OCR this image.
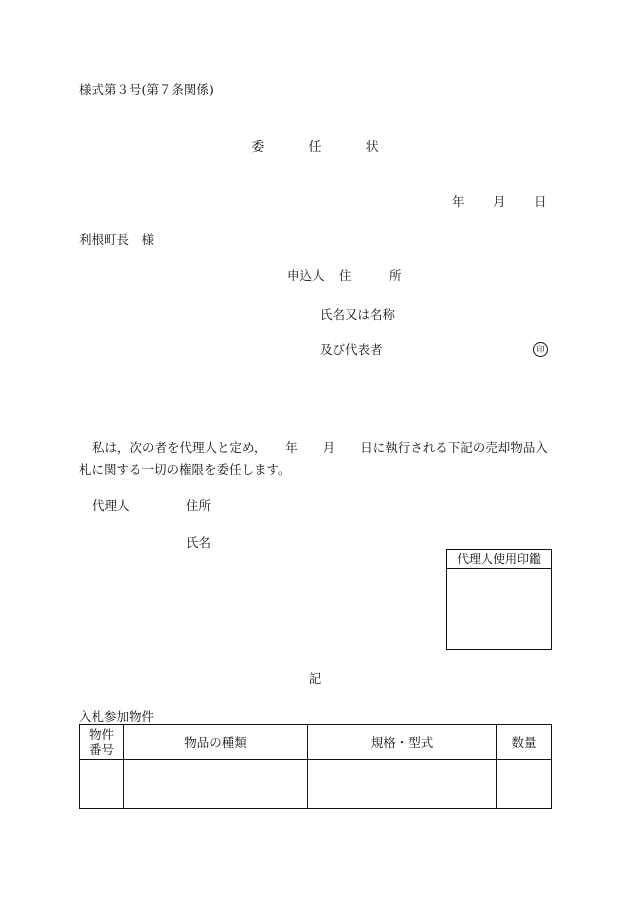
様式第３号(第７条関係)
委	任	状
年 月 日
利根町長　様
申込人 住　　　所
氏名又は名称
及び代表者	印
私は，次の者を代理人と定め，　　年　　月　　日に執行される下記の売却物品入札に関する一切の権限を委任します。
代理人	住所
氏名
代理人使用印鑑
記
入札参加物件
物件
番号	物品の種類	規格・型式	数量
